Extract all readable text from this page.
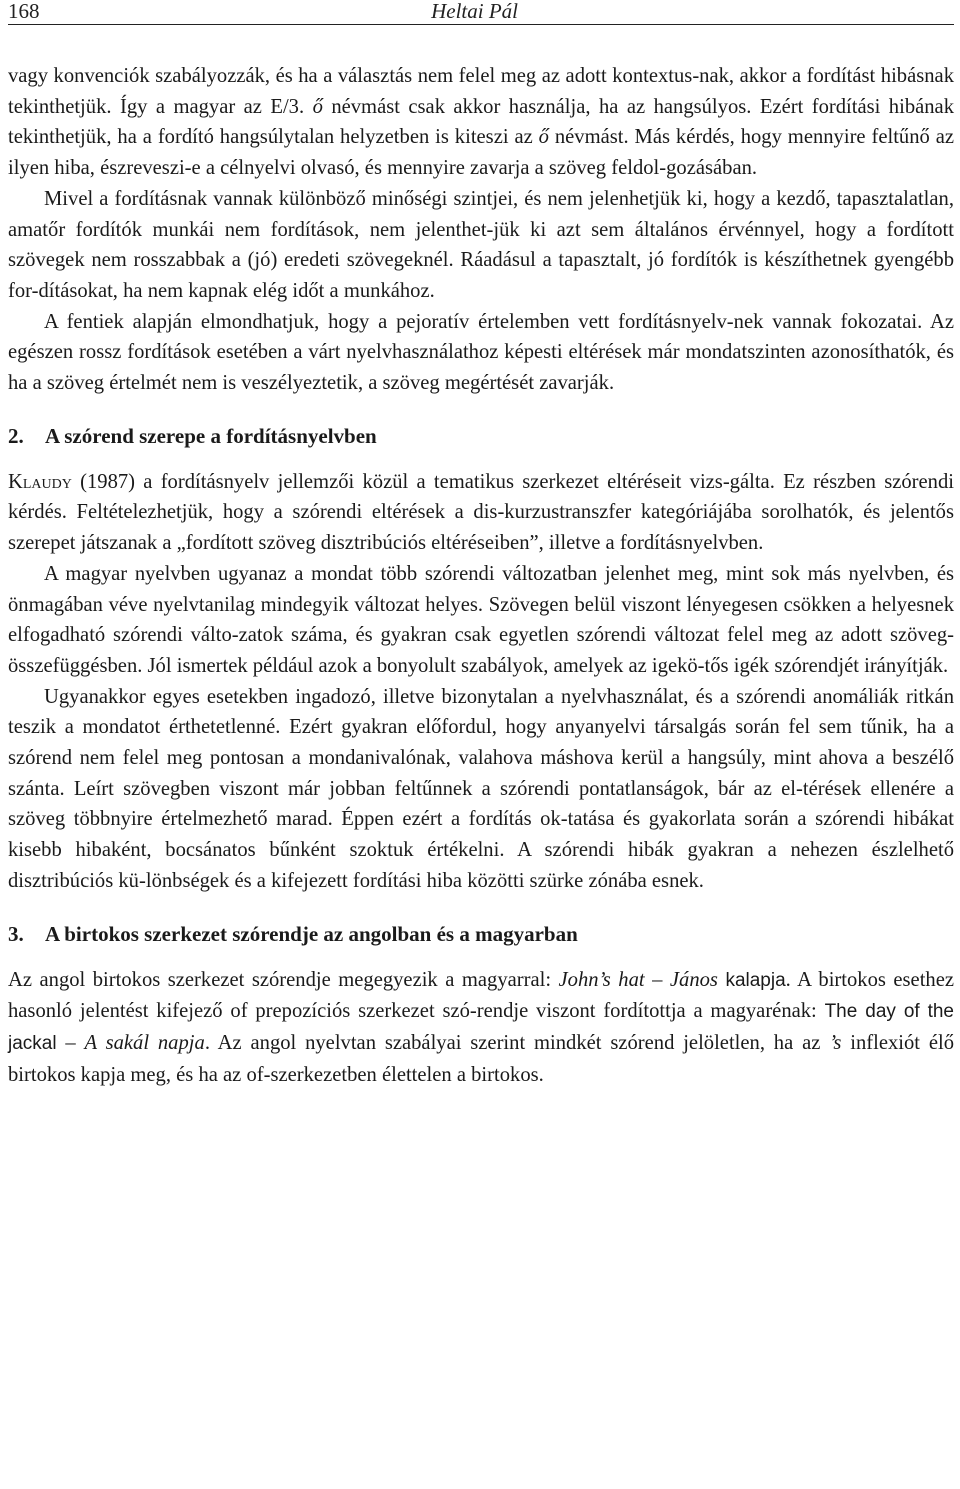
168	Heltai Pál

vagy konvenciók szabályozzák, és ha a választás nem felel meg az adott kontextus-nak, akkor a fordítást hibásnak tekinthetjük. Így a magyar az E/3. ő névmást csak akkor használja, ha az hangsúlyos. Ezért fordítási hibának tekinthetjük, ha a fordító hangsúlytalan helyzetben is kiteszi az ő névmást. Más kérdés, hogy mennyire feltűnő az ilyen hiba, észreveszi-e a célnyelvi olvasó, és mennyire zavarja a szöveg feldol-gozásában.

Mivel a fordításnak vannak különböző minőségi szintjei, és nem jelenhetjük ki, hogy a kezdő, tapasztalatlan, amatőr fordítók munkái nem fordítások, nem jelenthet-jük ki azt sem általános érvénnyel, hogy a fordított szövegek nem rosszabbak a (jó) eredeti szövegeknél. Ráadásul a tapasztalt, jó fordítók is készíthetnek gyengébb for-dításokat, ha nem kapnak elég időt a munkához.

A fentiek alapján elmondhatjuk, hogy a pejoratív értelemben vett fordításnyelv-nek vannak fokozatai. Az egészen rossz fordítások esetében a várt nyelvhasználathoz képesti eltérések már mondatszinten azonosíthatók, és ha a szöveg értelmét nem is veszélyeztetik, a szöveg megértését zavarják.

2. A szórend szerepe a fordításnyelvben

Klaudy (1987) a fordításnyelv jellemzői közül a tematikus szerkezet eltéréseit vizs-gálta. Ez részben szórendi kérdés. Feltételezhetjük, hogy a szórendi eltérések a dis-kurzustranszfer kategóriájába sorolhatók, és jelentős szerepet játszanak a „fordított szöveg disztribúciós eltéréseiben”, illetve a fordításnyelvben.

A magyar nyelvben ugyanaz a mondat több szórendi változatban jelenhet meg, mint sok más nyelvben, és önmagában véve nyelvtanilag mindegyik változat helyes. Szövegen belül viszont lényegesen csökken a helyesnek elfogadható szórendi válto-zatok száma, és gyakran csak egyetlen szórendi változat felel meg az adott szöveg-összefüggésben. Jól ismertek például azok a bonyolult szabályok, amelyek az igekö-tős igék szórendjét irányítják.

Ugyanakkor egyes esetekben ingadozó, illetve bizonytalan a nyelvhasználat, és a szórendi anomáliák ritkán teszik a mondatot érthetetlenné. Ezért gyakran előfordul, hogy anyanyelvi társalgás során fel sem tűnik, ha a szórend nem felel meg pontosan a mondanivalónak, valahova máshova kerül a hangsúly, mint ahova a beszélő szánta. Leírt szövegben viszont már jobban feltűnnek a szórendi pontatlanságok, bár az el-térések ellenére a szöveg többnyire értelmezhető marad. Éppen ezért a fordítás ok-tatása és gyakorlata során a szórendi hibákat kisebb hibaként, bocsánatos bűnként szoktuk értékelni. A szórendi hibák gyakran a nehezen észlelhető disztribúciós kü-lönbségek és a kifejezett fordítási hiba közötti szürke zónába esnek.

3. A birtokos szerkezet szórendje az angolban és a magyarban

Az angol birtokos szerkezet szórendje megegyezik a magyarral: John’s hat – János kalapja. A birtokos esethez hasonló jelentést kifejező of prepozíciós szerkezet szó-rendje viszont fordítottja a magyarénak: The day of the jackal – A sakál napja. Az angol nyelvtan szabályai szerint mindkét szórend jelöletlen, ha az ’s inflexiót élő birtokos kapja meg, és ha az of-szerkezetben élettelen a birtokos.
